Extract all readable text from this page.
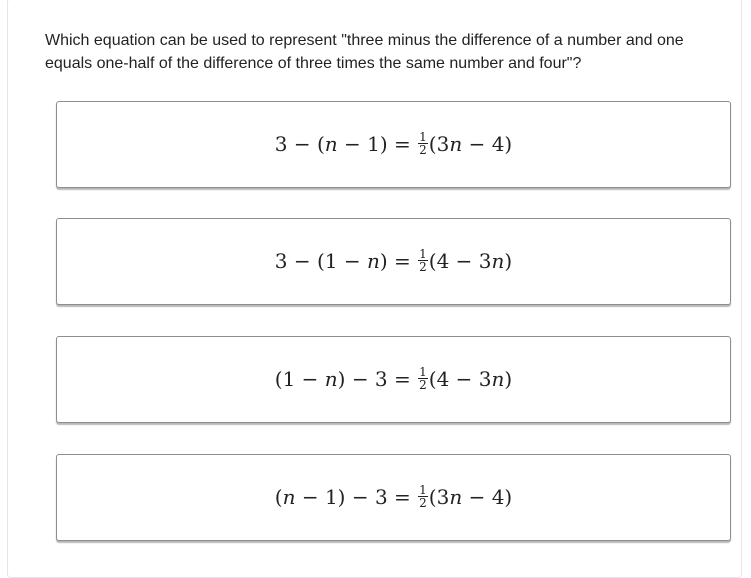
Which equation can be used to represent "three minus the difference of a number and one
equals one-half of the difference of three times the same number and four"?
$3 - (n - 1) = \frac{1}{2} (3n - 4)$
$3 - (1 - n) = \frac{1}{2} (4 - 3n)$
$(1 - n) - 3 = \frac{1}{2} (4 - 3n)$
$(n - 1) - 3 = \frac{1}{2} (3n - 4)$
